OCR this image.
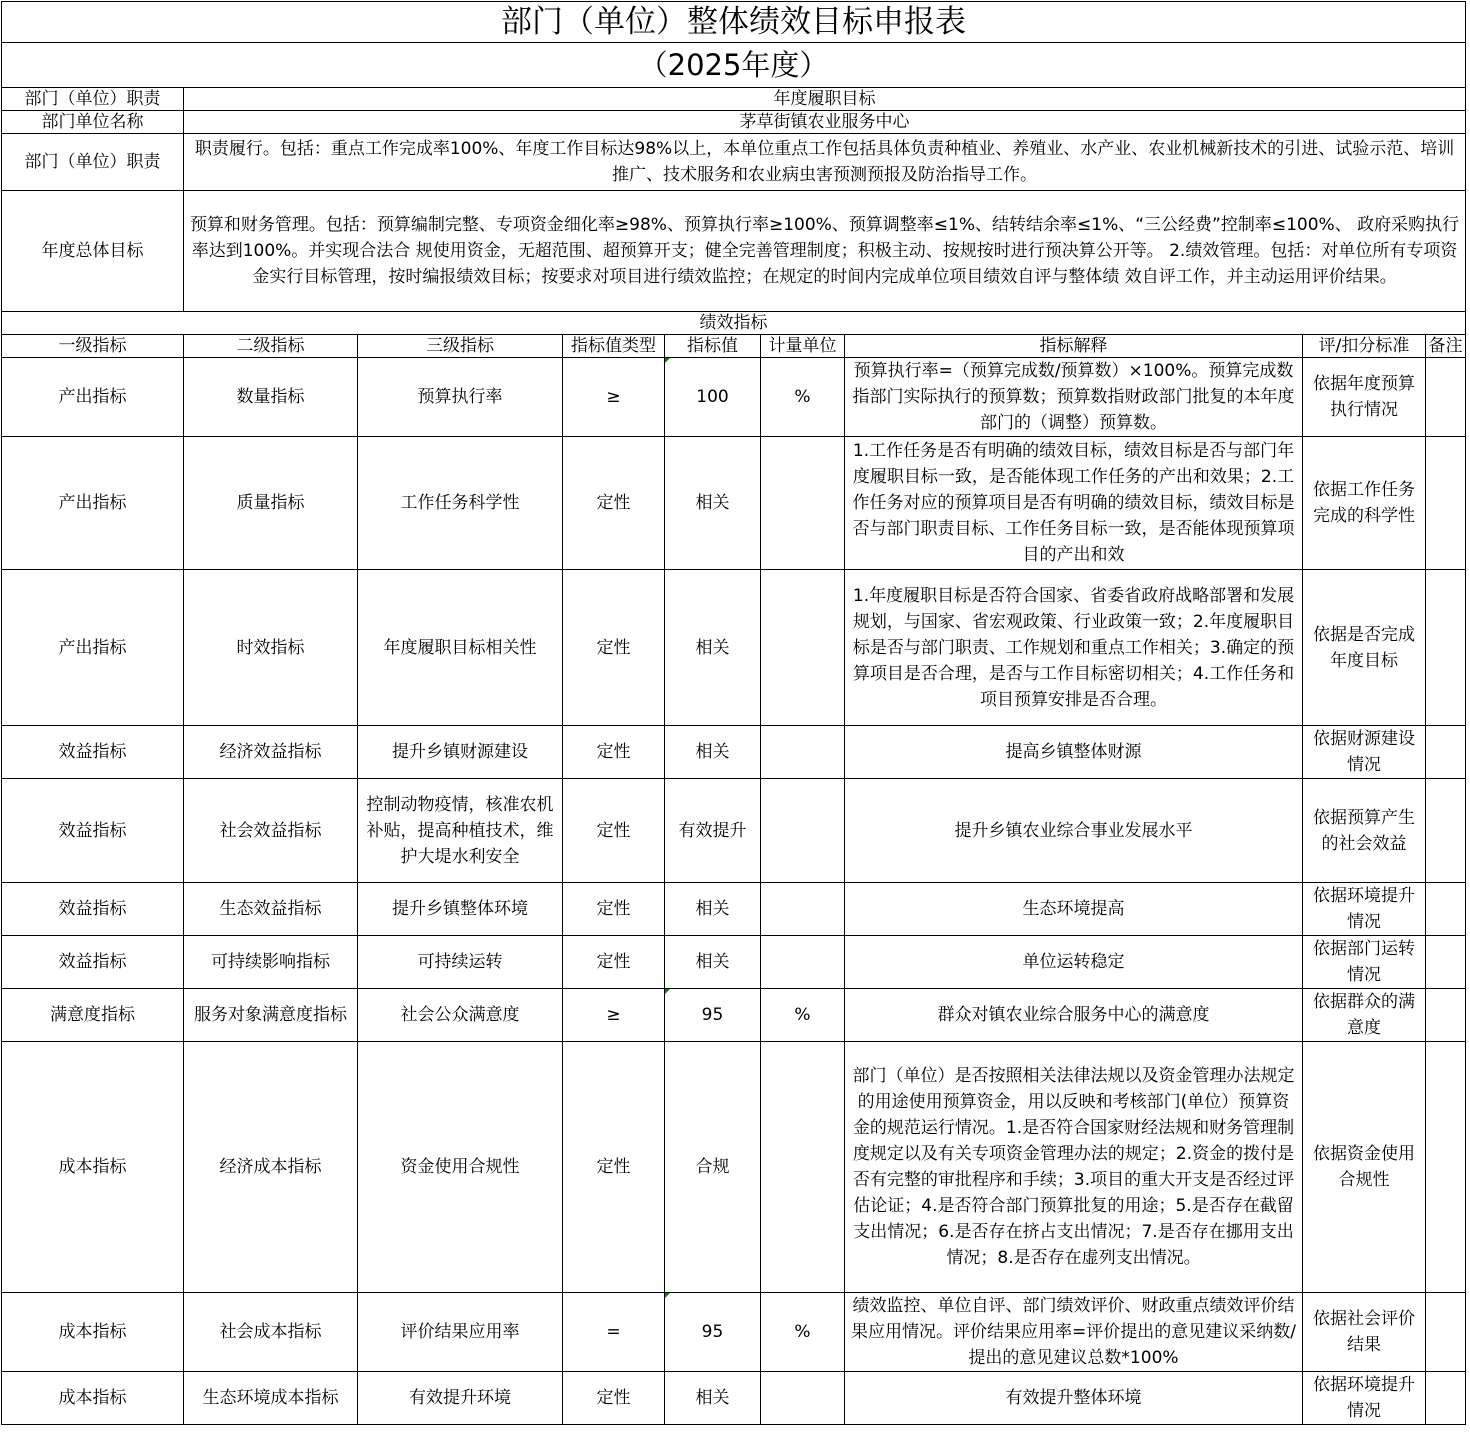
部门（单位）整体绩效目标申报表								
（2025年度）								
部门（单位）职责	年度履职目标							
部门单位名称	茅草街镇农业服务中心							
部门（单位）职责	职责履行。包括：重点工作完成率100%、年度工作目标达98%以上，本单位重点工作包括具体负责种植业、养殖业、水产业、农业机械新技术的引进、试验示范、培训推广、技术服务和农业病虫害预测预报及防治指导工作。							
年度总体目标	预算和财务管理。包括：预算编制完整、专项资金细化率≥98%、预算执行率≥100%、预算调整率≤1%、结转结余率≤1%、“三公经费”控制率≤100%、 政府采购执行率达到100%。并实现合法合 规使用资金，无超范围、超预算开支；健全完善管理制度；积极主动、按规按时进行预决算公开等。 2.绩效管理。包括：对单位所有专项资金实行目标管理，按时编报绩效目标；按要求对项目进行绩效监控；在规定的时间内完成单位项目绩效自评与整体绩 效自评工作，并主动运用评价结果。							
绩效指标								
一级指标	二级指标	三级指标	指标值类型	指标值	计量单位	指标解释	评/扣分标准	备注
产出指标	数量指标	预算执行率	≥	100	%	预算执行率=（预算完成数/预算数）×100%。预算完成数指部门实际执行的预算数；预算数指财政部门批复的本年度部门的（调整）预算数。	依据年度预算执行情况	
产出指标	质量指标	工作任务科学性	定性	相关		1.工作任务是否有明确的绩效目标，绩效目标是否与部门年度履职目标一致，是否能体现工作任务的产出和效果；2.工作任务对应的预算项目是否有明确的绩效目标，绩效目标是否与部门职责目标、工作任务目标一致，是否能体现预算项目的产出和效	依据工作任务完成的科学性	
产出指标	时效指标	年度履职目标相关性	定性	相关		1.年度履职目标是否符合国家、省委省政府战略部署和发展规划，与国家、省宏观政策、行业政策一致；2.年度履职目标是否与部门职责、工作规划和重点工作相关；3.确定的预算项目是否合理，是否与工作目标密切相关；4.工作任务和项目预算安排是否合理。	依据是否完成年度目标	
效益指标	经济效益指标	提升乡镇财源建设	定性	相关		提高乡镇整体财源	依据财源建设情况	
效益指标	社会效益指标	控制动物疫情，核准农机补贴，提高种植技术，维护大堤水利安全	定性	有效提升		提升乡镇农业综合事业发展水平	依据预算产生的社会效益	
效益指标	生态效益指标	提升乡镇整体环境	定性	相关		生态环境提高	依据环境提升情况	
效益指标	可持续影响指标	可持续运转	定性	相关		单位运转稳定	依据部门运转情况	
满意度指标	服务对象满意度指标	社会公众满意度	≥	95	%	群众对镇农业综合服务中心的满意度	依据群众的满意度	
成本指标	经济成本指标	资金使用合规性	定性	合规		部门（单位）是否按照相关法律法规以及资金管理办法规定的用途使用预算资金，用以反映和考核部门(单位）预算资金的规范运行情况。1.是否符合国家财经法规和财务管理制度规定以及有关专项资金管理办法的规定；2.资金的拨付是否有完整的审批程序和手续；3.项目的重大开支是否经过评估论证；4.是否符合部门预算批复的用途；5.是否存在截留支出情况；6.是否存在挤占支出情况；7.是否存在挪用支出情况；8.是否存在虚列支出情况。	依据资金使用合规性	
成本指标	社会成本指标	评价结果应用率	=	95	%	绩效监控、单位自评、部门绩效评价、财政重点绩效评价结果应用情况。评价结果应用率=评价提出的意见建议采纳数/提出的意见建议总数*100%	依据社会评价结果	
成本指标	生态环境成本指标	有效提升环境	定性	相关		有效提升整体环境	依据环境提升情况	
